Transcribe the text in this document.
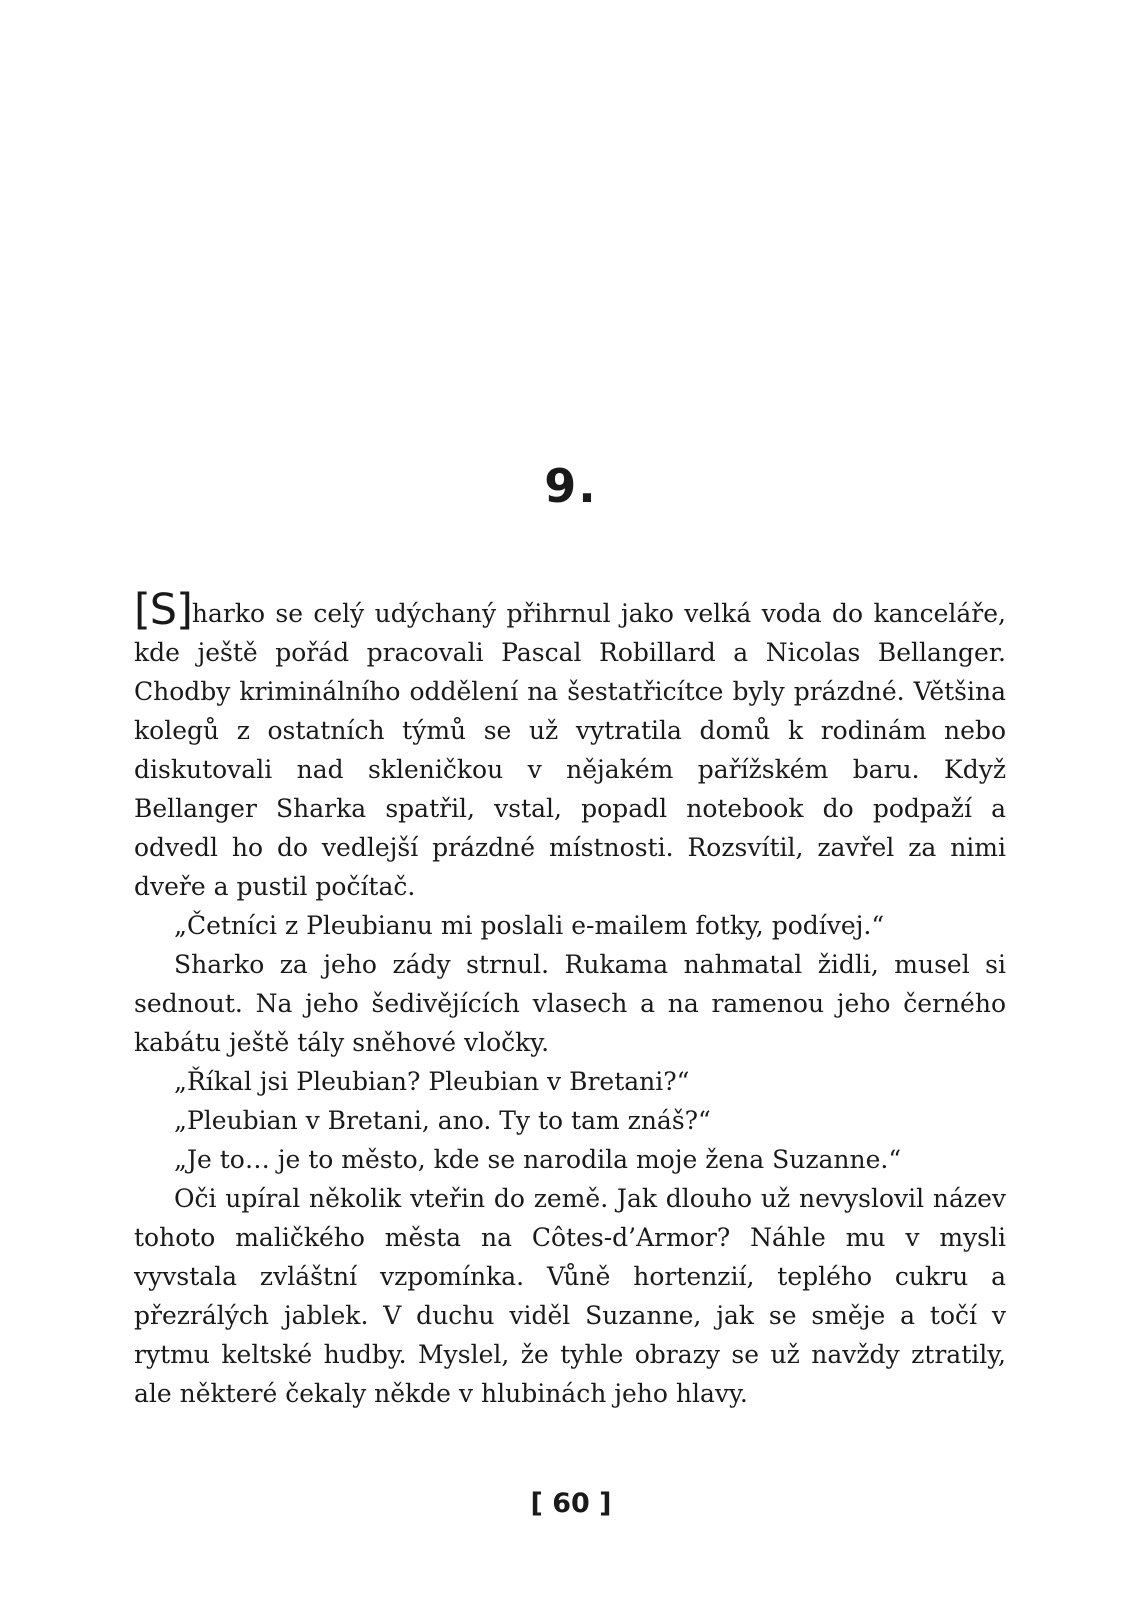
9.

[S]harko se celý udýchaný přihrnul jako velká voda do kanceláře, kde ještě pořád pracovali Pascal Robillard a Nicolas Bellanger. Chodby kriminálního oddělení na šestatřicítce byly prázdné. Většina kolegů z ostatních týmů se už vytratila domů k rodinám nebo diskutovali nad skleničkou v nějakém pařížském baru. Když Bellanger Sharka spatřil, vstal, popadl notebook do podpaží a odvedl ho do vedlejší prázdné místnosti. Rozsvítil, zavřel za nimi dveře a pustil počítač.

„Četníci z Pleubianu mi poslali e-mailem fotky, podívej.“

Sharko za jeho zády strnul. Rukama nahmatal židli, musel si sednout. Na jeho šedivějících vlasech a na ramenou jeho černého kabátu ještě tály sněhové vločky.

„Říkal jsi Pleubian? Pleubian v Bretani?“

„Pleubian v Bretani, ano. Ty to tam znáš?“

„Je to… je to město, kde se narodila moje žena Suzanne.“

Oči upíral několik vteřin do země. Jak dlouho už nevyslovil název tohoto maličkého města na Côtes-d’Armor? Náhle mu v mysli vyvstala zvláštní vzpomínka. Vůně hortenzií, teplého cukru a přezrálých jablek. V duchu viděl Suzanne, jak se směje a točí v rytmu keltské hudby. Myslel, že tyhle obrazy se už navždy ztratily, ale některé čekaly někde v hlubinách jeho hlavy.

[ 60 ]
